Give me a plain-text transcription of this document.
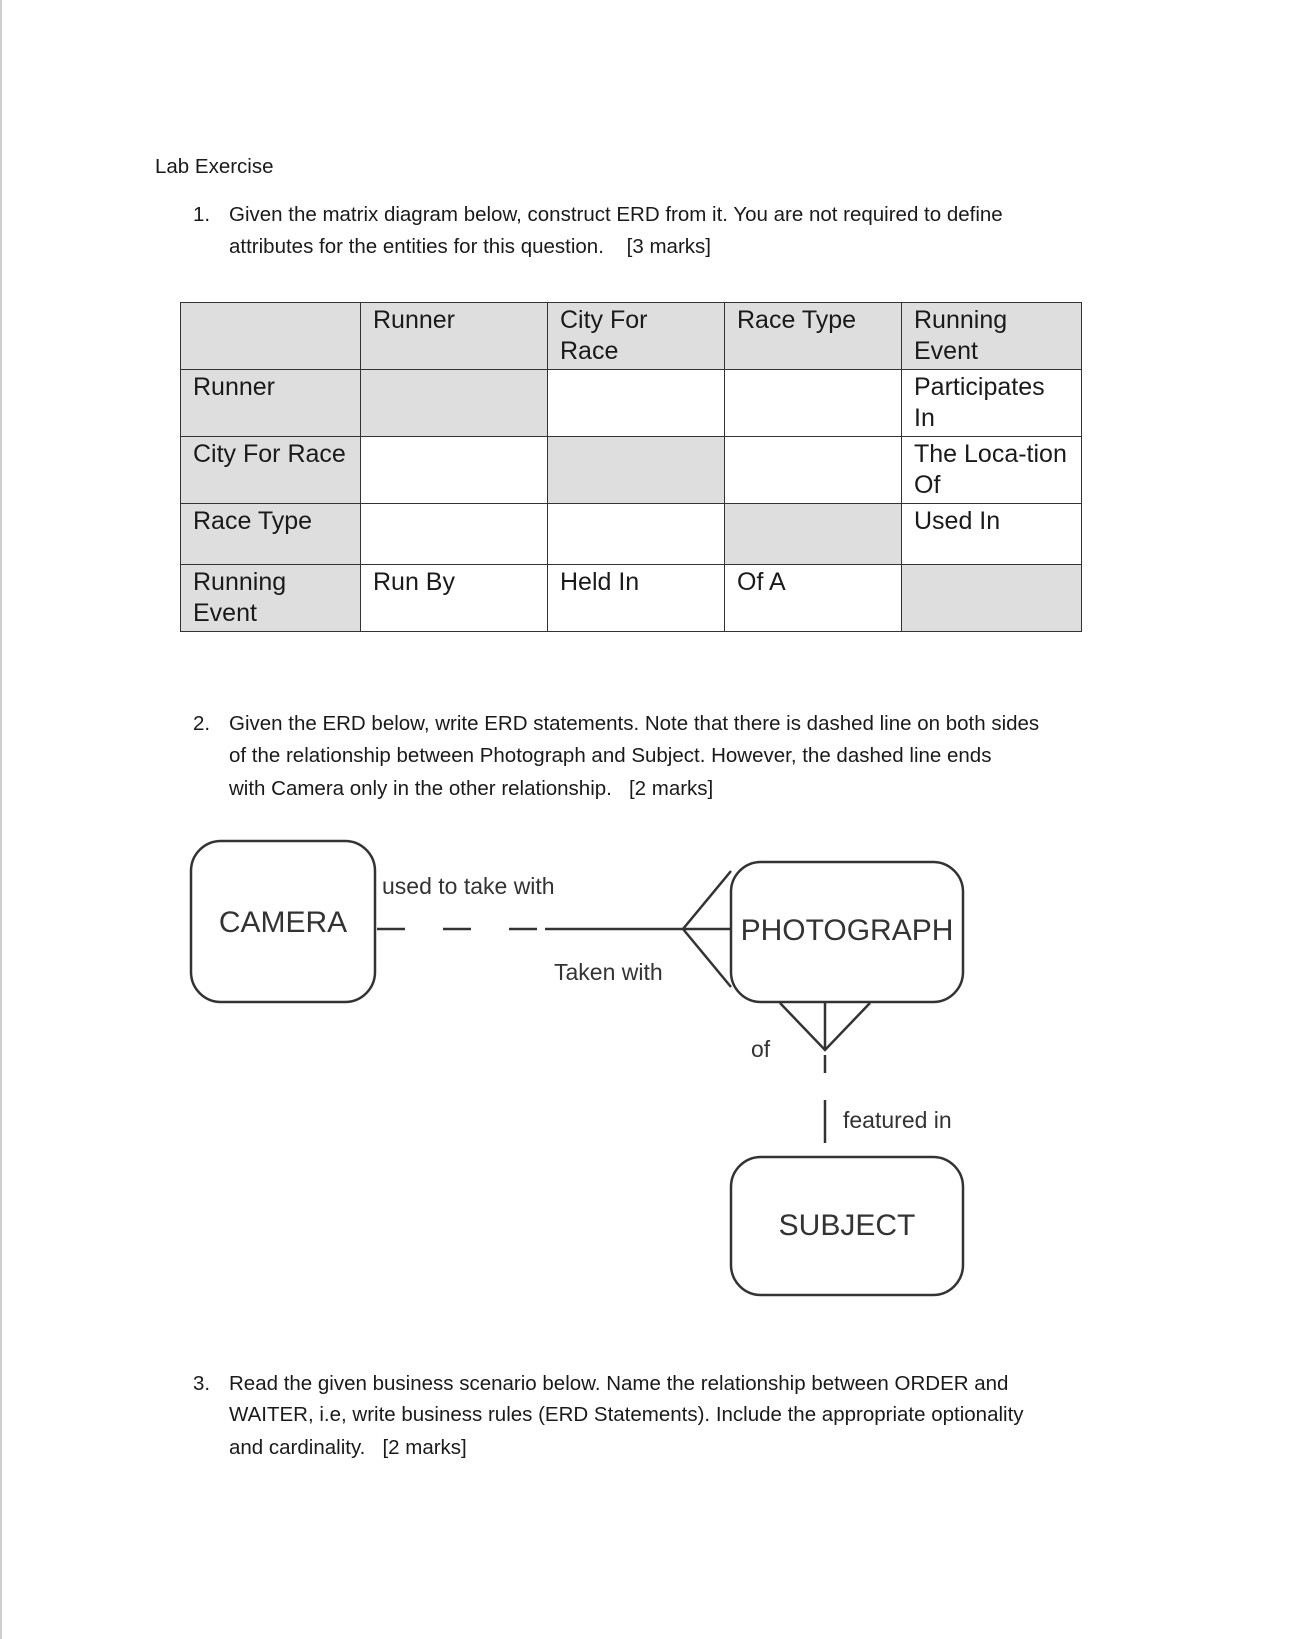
Lab Exercise
1. Given the matrix diagram below, construct ERD from it. You are not required to define
attributes for the entities for this question.    [3 marks]
	Runner	City For Race	Race Type	Running Event
Runner				Participates In
City For Race				The Loca-tion Of
Race Type				Used In
Running Event	Run By	Held In	Of A	
2. Given the ERD below, write ERD statements. Note that there is dashed line on both sides
of the relationship between Photograph and Subject. However, the dashed line ends
with Camera only in the other relationship.   [2 marks]
CAMERA	PHOTOGRAPH
SUBJECT
used to take with
Taken with
of
featured in
3. Read the given business scenario below. Name the relationship between ORDER and
WAITER, i.e, write business rules (ERD Statements). Include the appropriate optionality
and cardinality.   [2 marks]
